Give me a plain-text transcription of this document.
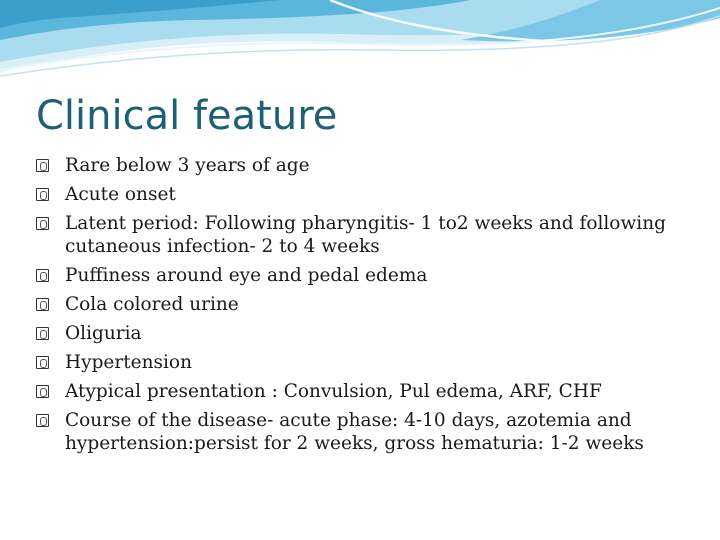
Clinical feature
Rare below 3 years of age
Acute onset
Latent period: Following pharyngitis- 1 to2 weeks and following cutaneous infection- 2 to 4 weeks
Puffiness around eye and pedal edema
Cola colored urine
Oliguria
Hypertension
Atypical presentation : Convulsion, Pul edema, ARF, CHF
Course of the disease- acute phase: 4-10 days, azotemia and hypertension:persist for 2 weeks, gross hematuria: 1-2 weeks
